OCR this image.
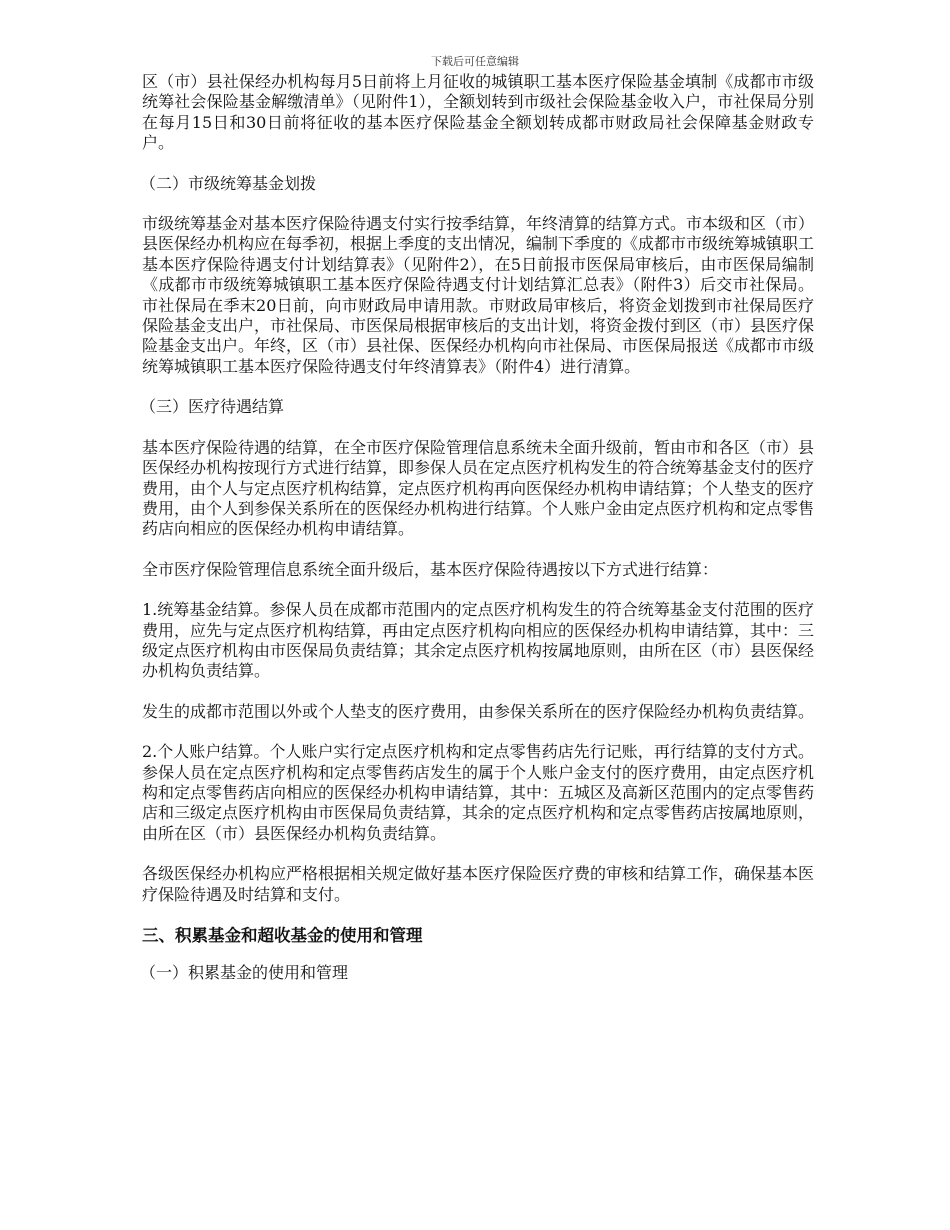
下载后可任意编辑

区（市）县社保经办机构每月5日前将上月征收的城镇职工基本医疗保险基金填制《成都市市级统筹社会保险基金解缴清单》（见附件1），全额划转到市级社会保险基金收入户，市社保局分别在每月15日和30日前将征收的基本医疗保险基金全额划转成都市财政局社会保障基金财政专户。

（二）市级统筹基金划拨

市级统筹基金对基本医疗保险待遇支付实行按季结算，年终清算的结算方式。市本级和区（市）县医保经办机构应在每季初，根据上季度的支出情况，编制下季度的《成都市市级统筹城镇职工基本医疗保险待遇支付计划结算表》（见附件2），在5日前报市医保局审核后，由市医保局编制《成都市市级统筹城镇职工基本医疗保险待遇支付计划结算汇总表》（附件3）后交市社保局。市社保局在季末20日前，向市财政局申请用款。市财政局审核后，将资金划拨到市社保局医疗保险基金支出户，市社保局、市医保局根据审核后的支出计划，将资金拨付到区（市）县医疗保险基金支出户。年终，区（市）县社保、医保经办机构向市社保局、市医保局报送《成都市市级统筹城镇职工基本医疗保险待遇支付年终清算表》（附件4）进行清算。

（三）医疗待遇结算

基本医疗保险待遇的结算，在全市医疗保险管理信息系统未全面升级前，暂由市和各区（市）县医保经办机构按现行方式进行结算，即参保人员在定点医疗机构发生的符合统筹基金支付的医疗费用，由个人与定点医疗机构结算，定点医疗机构再向医保经办机构申请结算；个人垫支的医疗费用，由个人到参保关系所在的医保经办机构进行结算。个人账户金由定点医疗机构和定点零售药店向相应的医保经办机构申请结算。

全市医疗保险管理信息系统全面升级后，基本医疗保险待遇按以下方式进行结算：

1.统筹基金结算。参保人员在成都市范围内的定点医疗机构发生的符合统筹基金支付范围的医疗费用，应先与定点医疗机构结算，再由定点医疗机构向相应的医保经办机构申请结算，其中：三级定点医疗机构由市医保局负责结算；其余定点医疗机构按属地原则，由所在区（市）县医保经办机构负责结算。

发生的成都市范围以外或个人垫支的医疗费用，由参保关系所在的医疗保险经办机构负责结算。

2.个人账户结算。个人账户实行定点医疗机构和定点零售药店先行记账，再行结算的支付方式。参保人员在定点医疗机构和定点零售药店发生的属于个人账户金支付的医疗费用，由定点医疗机构和定点零售药店向相应的医保经办机构申请结算，其中：五城区及高新区范围内的定点零售药店和三级定点医疗机构由市医保局负责结算，其余的定点医疗机构和定点零售药店按属地原则，由所在区（市）县医保经办机构负责结算。

各级医保经办机构应严格根据相关规定做好基本医疗保险医疗费的审核和结算工作，确保基本医疗保险待遇及时结算和支付。

三、积累基金和超收基金的使用和管理

（一）积累基金的使用和管理
